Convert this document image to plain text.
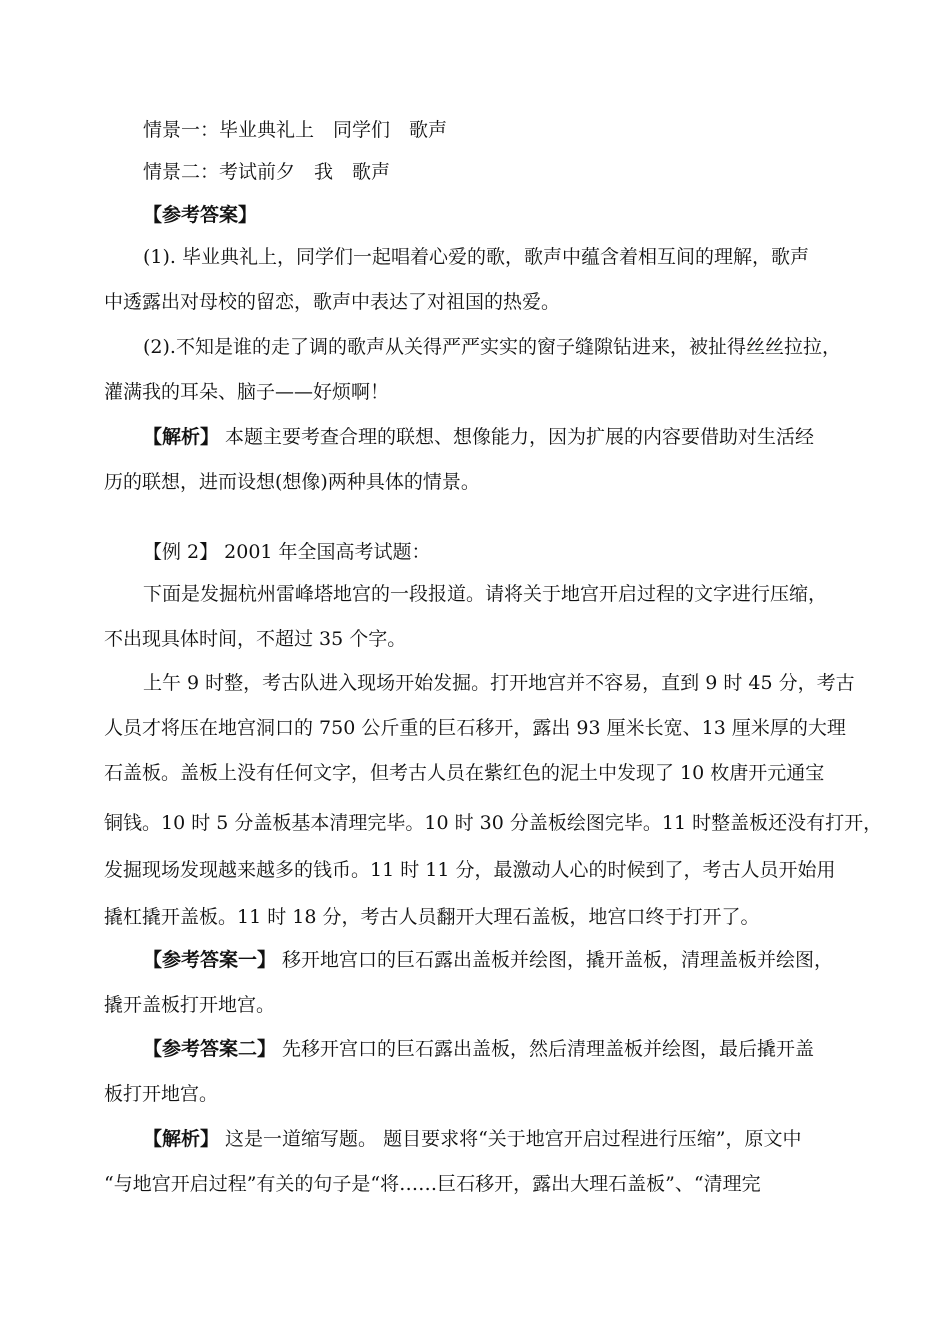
情景一：毕业典礼上　同学们　歌声
情景二：考试前夕　我　歌声
【参考答案】
(1). 毕业典礼上，同学们一起唱着心爱的歌，歌声中蕴含着相互间的理解，歌声
中透露出对母校的留恋，歌声中表达了对祖国的热爱。
(2).不知是谁的走了调的歌声从关得严严实实的窗子缝隙钻进来，被扯得丝丝拉拉，
灌满我的耳朵、脑子——好烦啊！
【解析】 本题主要考查合理的联想、想像能力，因为扩展的内容要借助对生活经
历的联想，进而设想(想像)两种具体的情景。
【例 2】 2001 年全国高考试题：
下面是发掘杭州雷峰塔地宫的一段报道。请将关于地宫开启过程的文字进行压缩，
不出现具体时间，不超过 35 个字。
上午 9 时整，考古队进入现场开始发掘。打开地宫并不容易，直到 9 时 45 分，考古
人员才将压在地宫洞口的 750 公斤重的巨石移开，露出 93 厘米长宽、13 厘米厚的大理
石盖板。盖板上没有任何文字，但考古人员在紫红色的泥土中发现了 10 枚唐开元通宝
铜钱。10 时 5 分盖板基本清理完毕。10 时 30 分盖板绘图完毕。11 时整盖板还没有打开，
发掘现场发现越来越多的钱币。11 时 11 分，最激动人心的时候到了，考古人员开始用
撬杠撬开盖板。11 时 18 分，考古人员翻开大理石盖板，地宫口终于打开了。
【参考答案一】 移开地宫口的巨石露出盖板并绘图，撬开盖板，清理盖板并绘图，
撬开盖板打开地宫。
【参考答案二】 先移开宫口的巨石露出盖板，然后清理盖板并绘图，最后撬开盖
板打开地宫。
【解析】 这是一道缩写题。 题目要求将“关于地宫开启过程进行压缩”，原文中
“与地宫开启过程”有关的句子是“将……巨石移开，露出大理石盖板”、“清理完
